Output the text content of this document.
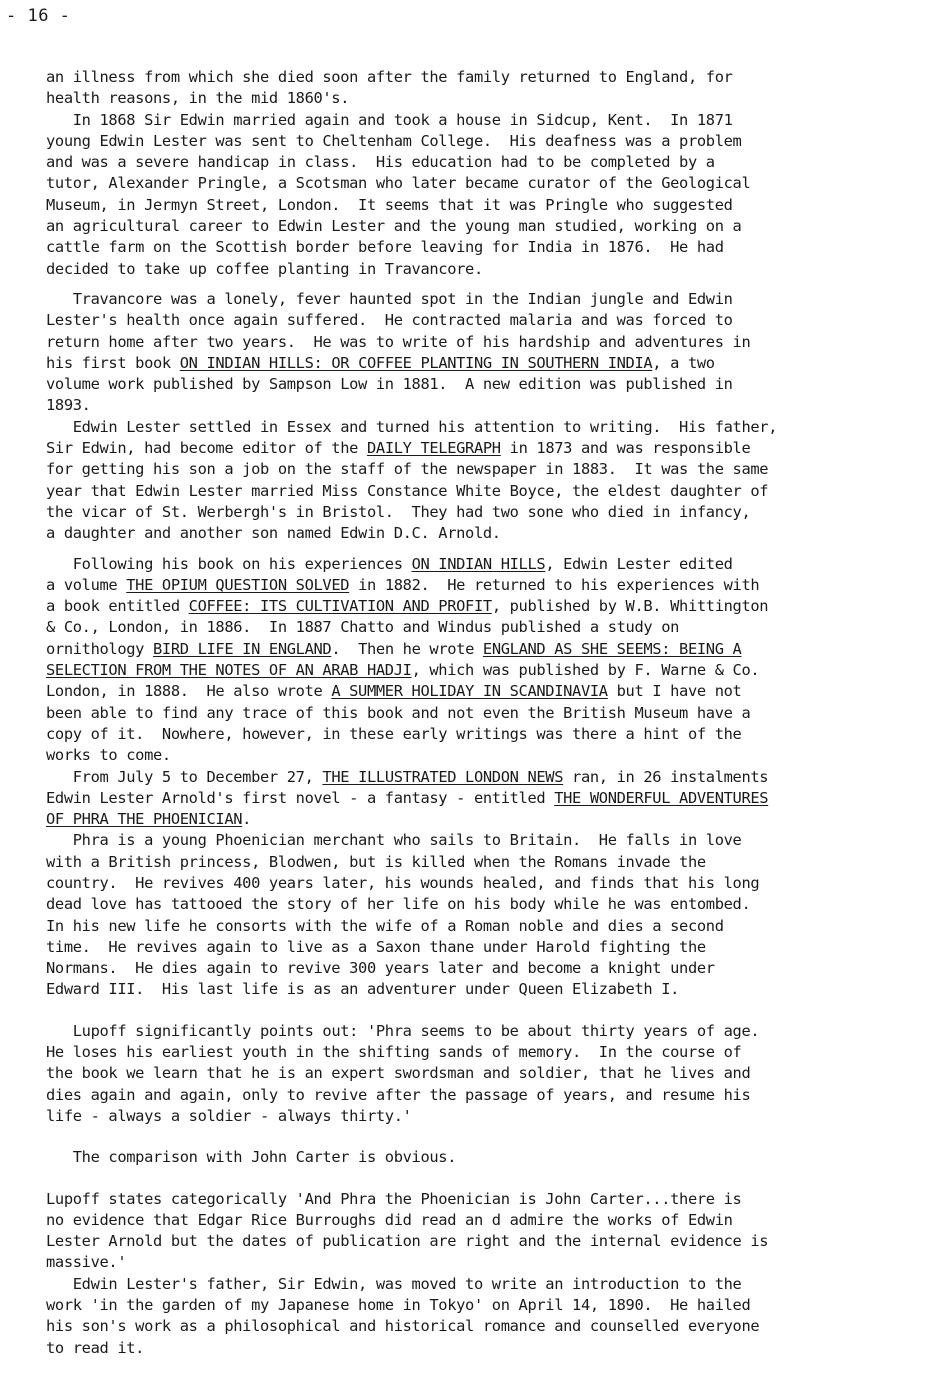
- 16 -
an illness from which she died soon after the family returned to England, for
health reasons, in the mid 1860's.
In 1868 Sir Edwin married again and took a house in Sidcup, Kent.  In 1871
young Edwin Lester was sent to Cheltenham College.  His deafness was a problem
and was a severe handicap in class.  His education had to be completed by a
tutor, Alexander Pringle, a Scotsman who later became curator of the Geological
Museum, in Jermyn Street, London.  It seems that it was Pringle who suggested
an agricultural career to Edwin Lester and the young man studied, working on a
cattle farm on the Scottish border before leaving for India in 1876.  He had
decided to take up coffee planting in Travancore.
Travancore was a lonely, fever haunted spot in the Indian jungle and Edwin
Lester's health once again suffered.  He contracted malaria and was forced to
return home after two years.  He was to write of his hardship and adventures in
his first book ON INDIAN HILLS: OR COFFEE PLANTING IN SOUTHERN INDIA, a two
volume work published by Sampson Low in 1881.  A new edition was published in
1893.
Edwin Lester settled in Essex and turned his attention to writing.  His father,
Sir Edwin, had become editor of the DAILY TELEGRAPH in 1873 and was responsible
for getting his son a job on the staff of the newspaper in 1883.  It was the same
year that Edwin Lester married Miss Constance White Boyce, the eldest daughter of
the vicar of St. Werbergh's in Bristol.  They had two sone who died in infancy,
a daughter and another son named Edwin D.C. Arnold.
Following his book on his experiences ON INDIAN HILLS, Edwin Lester edited
a volume THE OPIUM QUESTION SOLVED in 1882.  He returned to his experiences with
a book entitled COFFEE: ITS CULTIVATION AND PROFIT, published by W.B. Whittington
& Co., London, in 1886.  In 1887 Chatto and Windus published a study on
ornithology BIRD LIFE IN ENGLAND.  Then he wrote ENGLAND AS SHE SEEMS: BEING A
SELECTION FROM THE NOTES OF AN ARAB HADJI, which was published by F. Warne & Co.
London, in 1888.  He also wrote A SUMMER HOLIDAY IN SCANDINAVIA but I have not
been able to find any trace of this book and not even the British Museum have a
copy of it.  Nowhere, however, in these early writings was there a hint of the
works to come.
From July 5 to December 27, THE ILLUSTRATED LONDON NEWS ran, in 26 instalments
Edwin Lester Arnold's first novel - a fantasy - entitled THE WONDERFUL ADVENTURES
OF PHRA THE PHOENICIAN.
Phra is a young Phoenician merchant who sails to Britain.  He falls in love
with a British princess, Blodwen, but is killed when the Romans invade the
country.  He revives 400 years later, his wounds healed, and finds that his long
dead love has tattooed the story of her life on his body while he was entombed.
In his new life he consorts with the wife of a Roman noble and dies a second
time.  He revives again to live as a Saxon thane under Harold fighting the
Normans.  He dies again to revive 300 years later and become a knight under
Edward III.  His last life is as an adventurer under Queen Elizabeth I.
Lupoff significantly points out: 'Phra seems to be about thirty years of age.
He loses his earliest youth in the shifting sands of memory.  In the course of
the book we learn that he is an expert swordsman and soldier, that he lives and
dies again and again, only to revive after the passage of years, and resume his
life - always a soldier - always thirty.'
The comparison with John Carter is obvious.
Lupoff states categorically 'And Phra the Phoenician is John Carter...there is
no evidence that Edgar Rice Burroughs did read an d admire the works of Edwin
Lester Arnold but the dates of publication are right and the internal evidence is
massive.'
Edwin Lester's father, Sir Edwin, was moved to write an introduction to the
work 'in the garden of my Japanese home in Tokyo' on April 14, 1890.  He hailed
his son's work as a philosophical and historical romance and counselled everyone
to read it.
